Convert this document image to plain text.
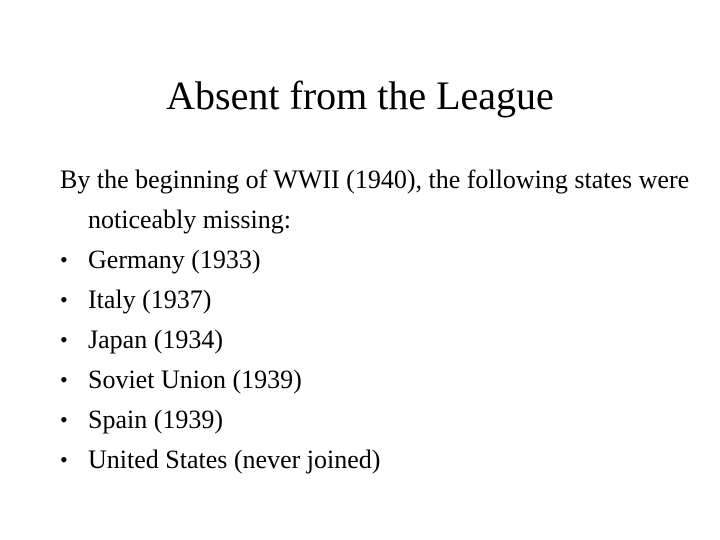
Absent from the League

By the beginning of WWII (1940), the following states were noticeably missing:

• Germany (1933)
• Italy (1937)
• Japan (1934)
• Soviet Union (1939)
• Spain (1939)
• United States (never joined)
